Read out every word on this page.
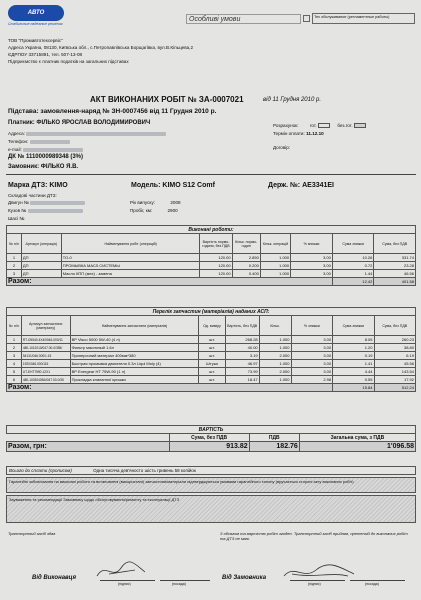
АВТО
Стабильные надежные решения
Особливі умови	Тех обслуживание (регламентные работы)
ТОВ "Промавтотехсервіс"
Адреса Україна, 08130, Київська обл., с.Петропавлівська Борщагівка, вул.В.Кільцева,2
ЄДРПОУ 33715891, тел. 507-13-08
Підприємство є платник податків на загальних підставах
АКТ ВИКОНАНИХ РОБІТ № ЗА-0007021	від 11 Грудня 2010 р.
Підстава: замовлення-наряд № ЗН-0007456 від 11 Грудня 2010 р.
Платник: ФІЛЬКО ЯРОСЛАВ ВОЛОДИМИРОВИЧ
Адреса:
Телефон:
e-mail:
ДК № 1110000989348 (3%)
Розрахунок: гот.	без.гот.
Термін оплати: 11.12.10
Договір:
Замовник: ФІЛЬКО Я.В.
Марка ДТЗ: KIMO	Модель: KIMO S12 Comf	Держ. №: AE3341EI
Складові частини ДТЗ:
Двигун №
Кузов №
Шасі №
Рік випуску:	2008
Пробіг, км:	2900
Виконані роботи:								
№ п/п	Артикул (операція)	Найменування робіт (операцій)	Вартість нормо-години, без ПДВ	Кільк. нормо-годин	Кільк. операцій	% знижки	Сума знижки	Сума, без ПДВ
1	ДП	ТО-0	120.00	2.850	1.000	3.00	10.26	331.74
2	ДП	ПРОМЫВКА МАСЛ.СИСТЕМЫ	120.00	0.200	1.000	3.00	0.72	23.28
3	ДП	Масло КПП (мех) - замена	120.00	0.400	1.000	3.00	1.44	46.56
Разом:							12.42	401.58
Перелік запчастин (матеріалів) наданих АСП:								
№ п/п	Артикул запчастини (матеріалу)	Найменування запчастини (матеріалів)	Од. виміру	Вартість, без ПДВ	Кільк.	% знижки	Сума знижки	Сума, без ПДВ
1	RT-O5540-4X4/0046-000/11	BP Visco 5000 5W-40 (4 л)	шт.	268.28	1.000	3.00	8.05	260.23
2	480-1012010/047.00-0/355/	Фильтр масляный 1.6л	шт.	40.00	1.000	3.00	1.20	38.80
3	54131/046.000/1.15	Проперочний матеріал 400мм*380	шт.	3.19	2.000	3.00	0.19	6.19
4	1920/046.000/115	Быстрая промывка двигателя 0.3л Liqui Moly (4)	Штука	46.97	1.000	3.00	1.41	45.56
5	UT-EHT7590-12X1	BP Energear HT 75W-90 (1 л)	шт.	73.99	2.000	3.00	4.44	143.54
6	480-1003040BA/047.00-0/35	Прокладка клапанної кришки	шт.	18.47	1.000	2.98	0.55	17.92
Разом:							15.84	512.24
ВАРТІСТЬ			
	Сума, без ПДВ	ПДВ	Загальна сума, з ПДВ
Разом, грн:	913.82	182.76	1'096.58
Всього до сплати (прописом)	Одна тисяча дев'яносто шість гривень 58 копійок
Гарантійні зобов'язання на виконані роботи та встановлені (використані) запчастини/матеріали підтверджуються умовами гарантійного талону (вручається стороні акту виконаних робіт)
Зауваження та рекомендації Замовнику щодо обслуговування/ремонту та експлуатації ДТЗ
Транспортний засіб здав	З обсягом та вартістю робіт згоден. Транспортний засіб прийняв, претензій до виконаних робіт та ДТЗ не маю.
Від Виконавця
(підпис)	(посада)
Від Замовника
(підпис)	(посада)
